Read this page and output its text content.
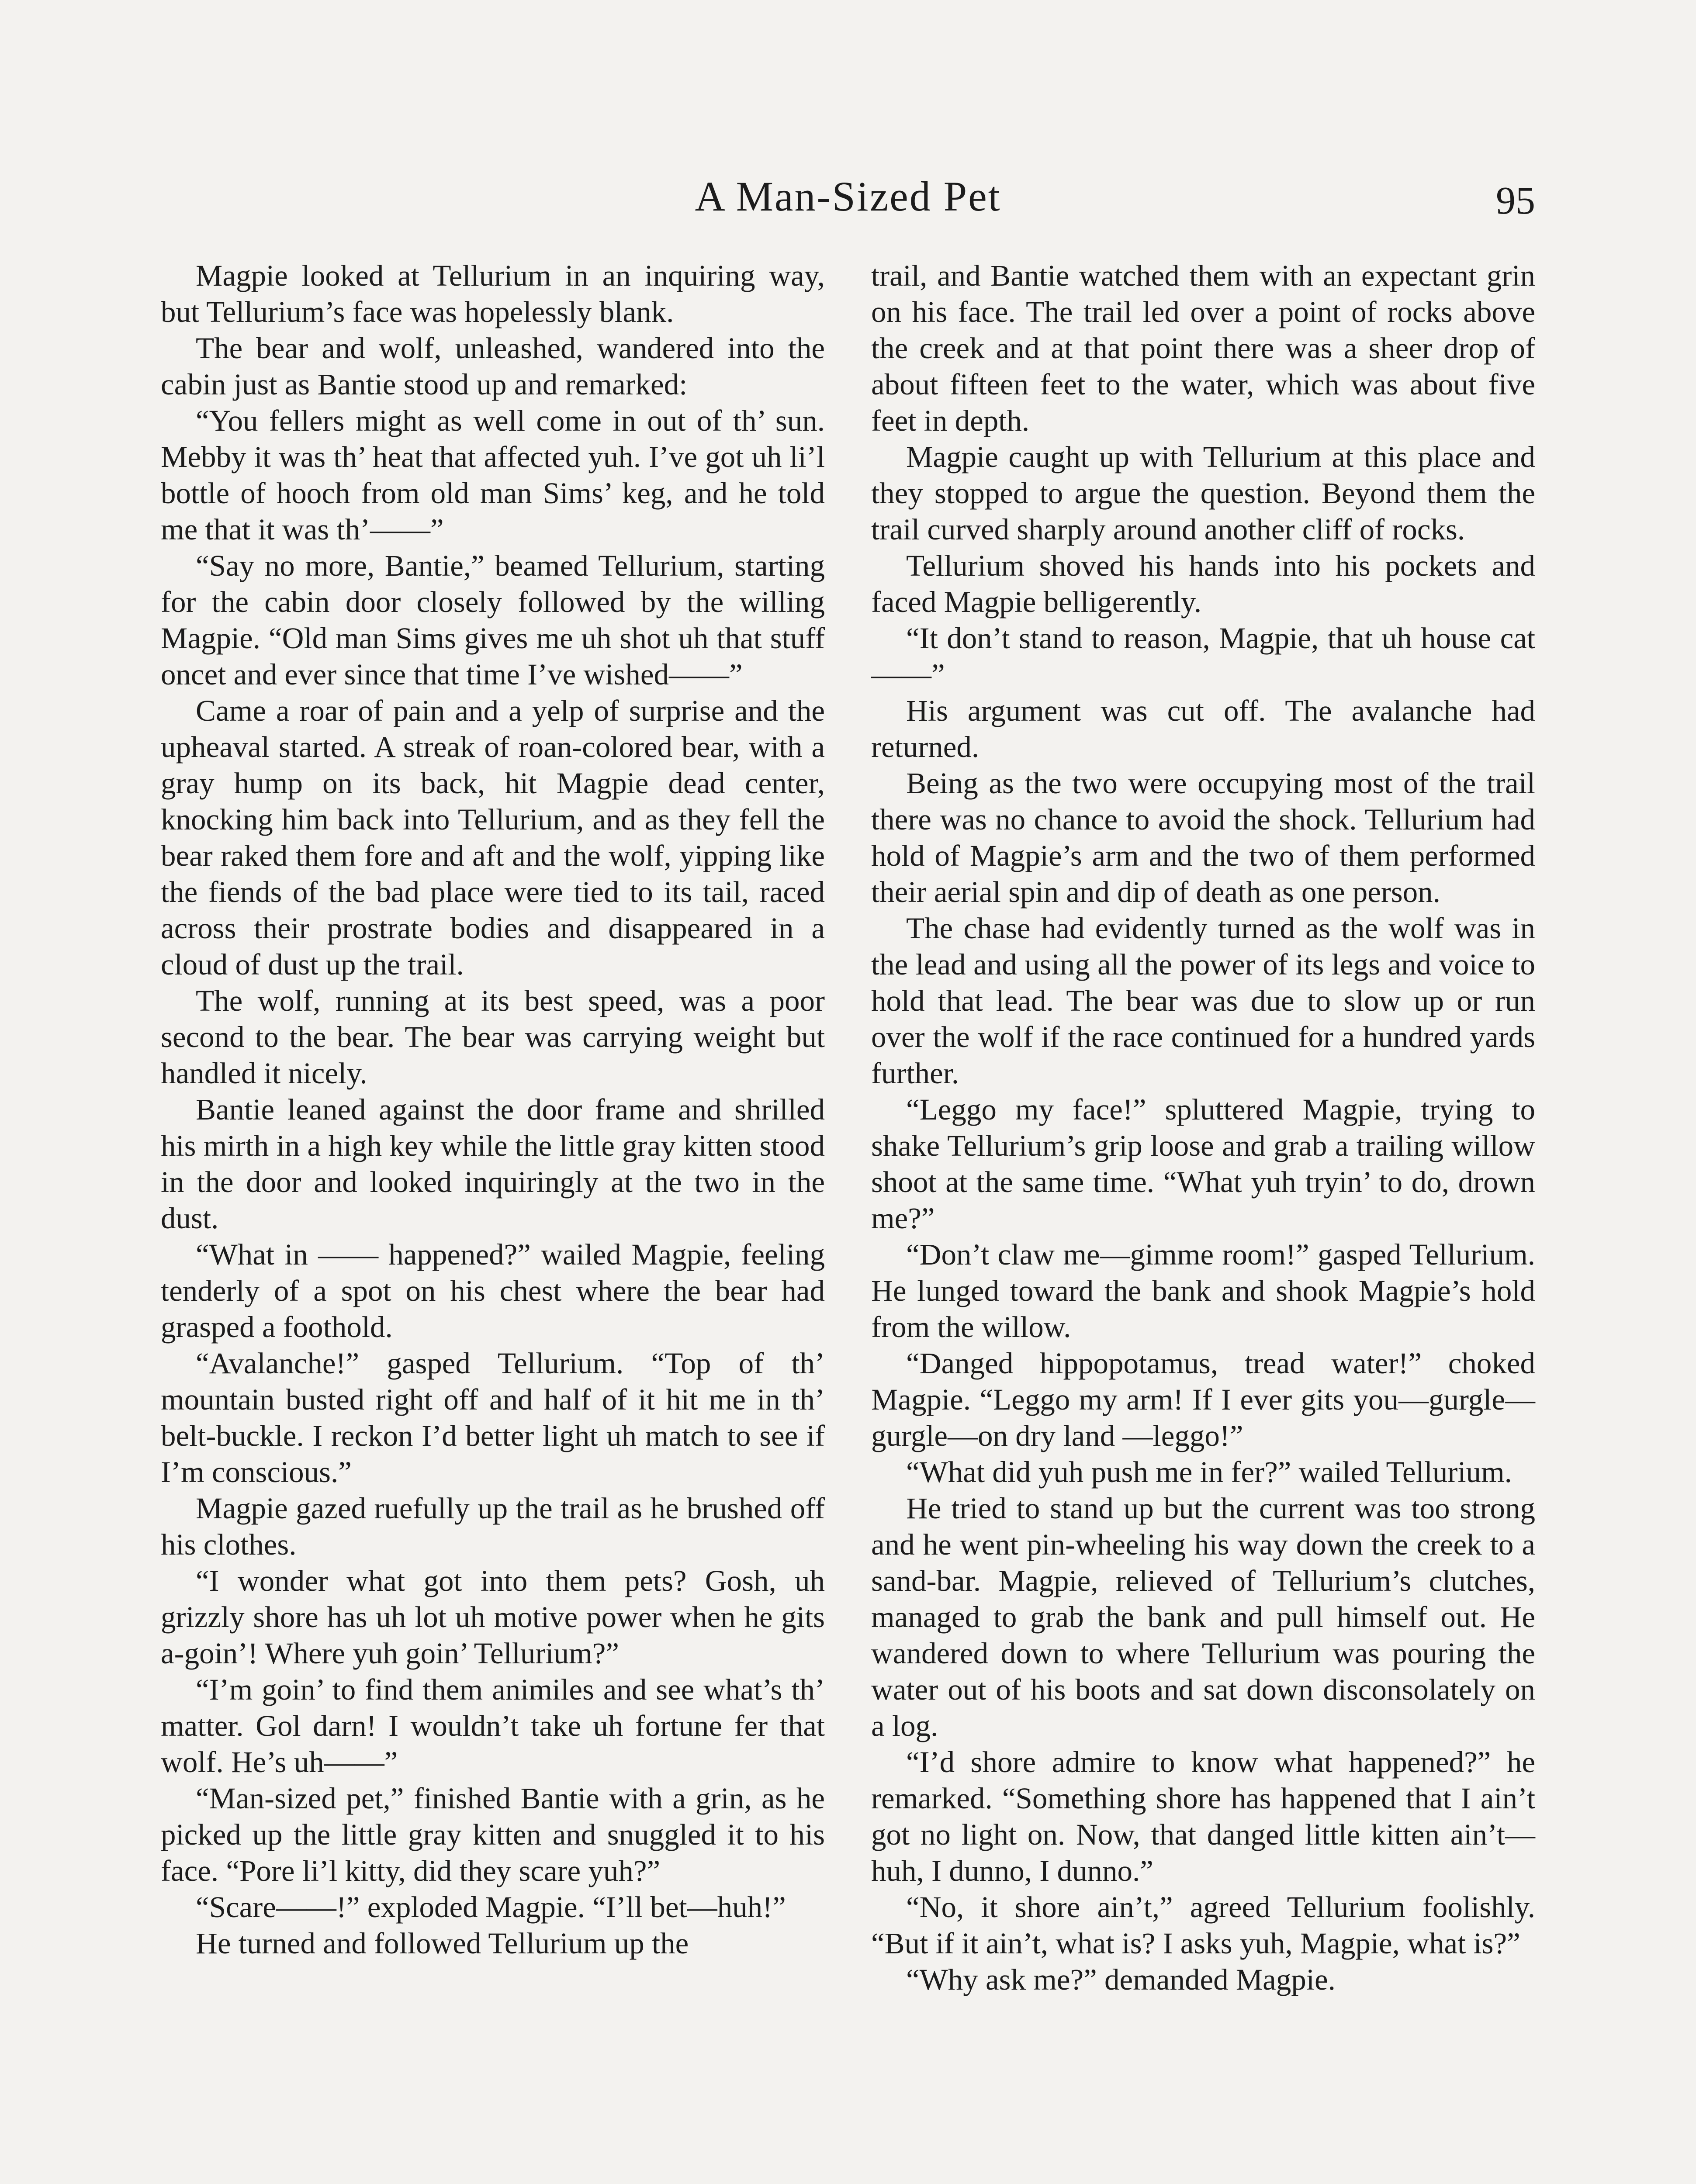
A Man-Sized Pet	95

Magpie looked at Tellurium in an inquiring way, but Tellurium’s face was hopelessly blank.

The bear and wolf, unleashed, wandered into the cabin just as Bantie stood up and remarked:

“You fellers might as well come in out of th’ sun. Mebby it was th’ heat that affected yuh. I’ve got uh li’l bottle of hooch from old man Sims’ keg, and he told me that it was th’——”

“Say no more, Bantie,” beamed Tellurium, starting for the cabin door closely followed by the willing Magpie. “Old man Sims gives me uh shot uh that stuff oncet and ever since that time I’ve wished——”

Came a roar of pain and a yelp of surprise and the upheaval started. A streak of roan-colored bear, with a gray hump on its back, hit Magpie dead center, knocking him back into Tellurium, and as they fell the bear raked them fore and aft and the wolf, yipping like the fiends of the bad place were tied to its tail, raced across their prostrate bodies and disappeared in a cloud of dust up the trail.

The wolf, running at its best speed, was a poor second to the bear. The bear was carrying weight but handled it nicely.

Bantie leaned against the door frame and shrilled his mirth in a high key while the little gray kitten stood in the door and looked inquiringly at the two in the dust.

“What in —— happened?” wailed Magpie, feeling tenderly of a spot on his chest where the bear had grasped a foothold.

“Avalanche!” gasped Tellurium. “Top of th’ mountain busted right off and half of it hit me in th’ belt-buckle. I reckon I’d better light uh match to see if I’m conscious.”

Magpie gazed ruefully up the trail as he brushed off his clothes.

“I wonder what got into them pets? Gosh, uh grizzly shore has uh lot uh motive power when he gits a-goin’! Where yuh goin’ Tellurium?”

“I’m goin’ to find them animiles and see what’s th’ matter. Gol darn! I wouldn’t take uh fortune fer that wolf. He’s uh——”

“Man-sized pet,” finished Bantie with a grin, as he picked up the little gray kitten and snuggled it to his face. “Pore li’l kitty, did they scare yuh?”

“Scare——!” exploded Magpie. “I’ll bet—huh!”

He turned and followed Tellurium up the

trail, and Bantie watched them with an expectant grin on his face. The trail led over a point of rocks above the creek and at that point there was a sheer drop of about fifteen feet to the water, which was about five feet in depth.

Magpie caught up with Tellurium at this place and they stopped to argue the question. Beyond them the trail curved sharply around another cliff of rocks.

Tellurium shoved his hands into his pockets and faced Magpie belligerently.

“It don’t stand to reason, Magpie, that uh house cat——”

His argument was cut off. The avalanche had returned.

Being as the two were occupying most of the trail there was no chance to avoid the shock. Tellurium had hold of Magpie’s arm and the two of them performed their aerial spin and dip of death as one person.

The chase had evidently turned as the wolf was in the lead and using all the power of its legs and voice to hold that lead. The bear was due to slow up or run over the wolf if the race continued for a hundred yards further.

“Leggo my face!” spluttered Magpie, trying to shake Tellurium’s grip loose and grab a trailing willow shoot at the same time. “What yuh tryin’ to do, drown me?”

“Don’t claw me—gimme room!” gasped Tellurium. He lunged toward the bank and shook Magpie’s hold from the willow.

“Danged hippopotamus, tread water!” choked Magpie. “Leggo my arm! If I ever gits you—gurgle—gurgle—on dry land —leggo!”

“What did yuh push me in fer?” wailed Tellurium.

He tried to stand up but the current was too strong and he went pin-wheeling his way down the creek to a sand-bar. Magpie, relieved of Tellurium’s clutches, managed to grab the bank and pull himself out. He wandered down to where Tellurium was pouring the water out of his boots and sat down disconsolately on a log.

“I’d shore admire to know what happened?” he remarked. “Something shore has happened that I ain’t got no light on. Now, that danged little kitten ain’t—huh, I dunno, I dunno.”

“No, it shore ain’t,” agreed Tellurium foolishly. “But if it ain’t, what is? I asks yuh, Magpie, what is?”

“Why ask me?” demanded Magpie.
